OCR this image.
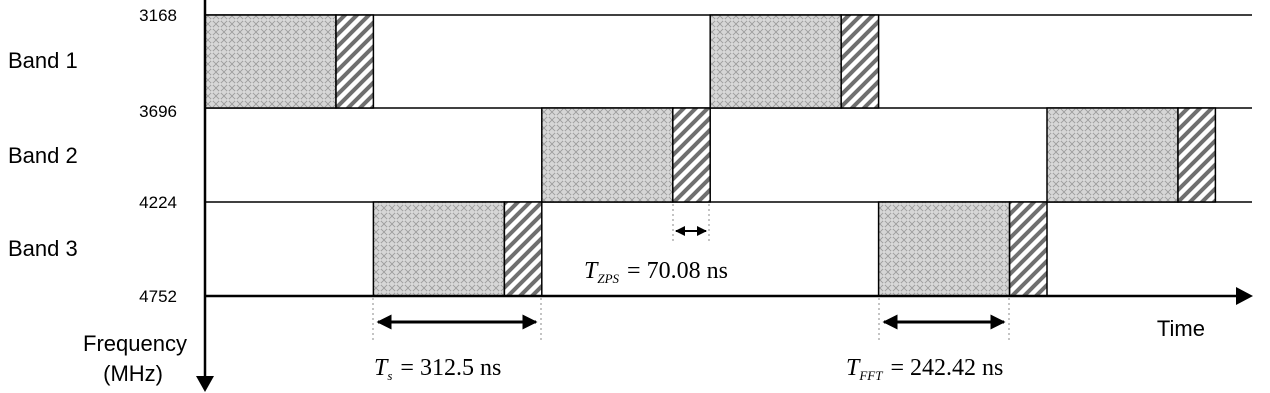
3168
3696
4224
4752
Band 1
Band 2
Band 3
Frequency
(MHz)
Time
$T_s = 312.5$ ns
$T_{ZPS} = 70.08$ ns
$T_{FFT} = 242.42$ ns
